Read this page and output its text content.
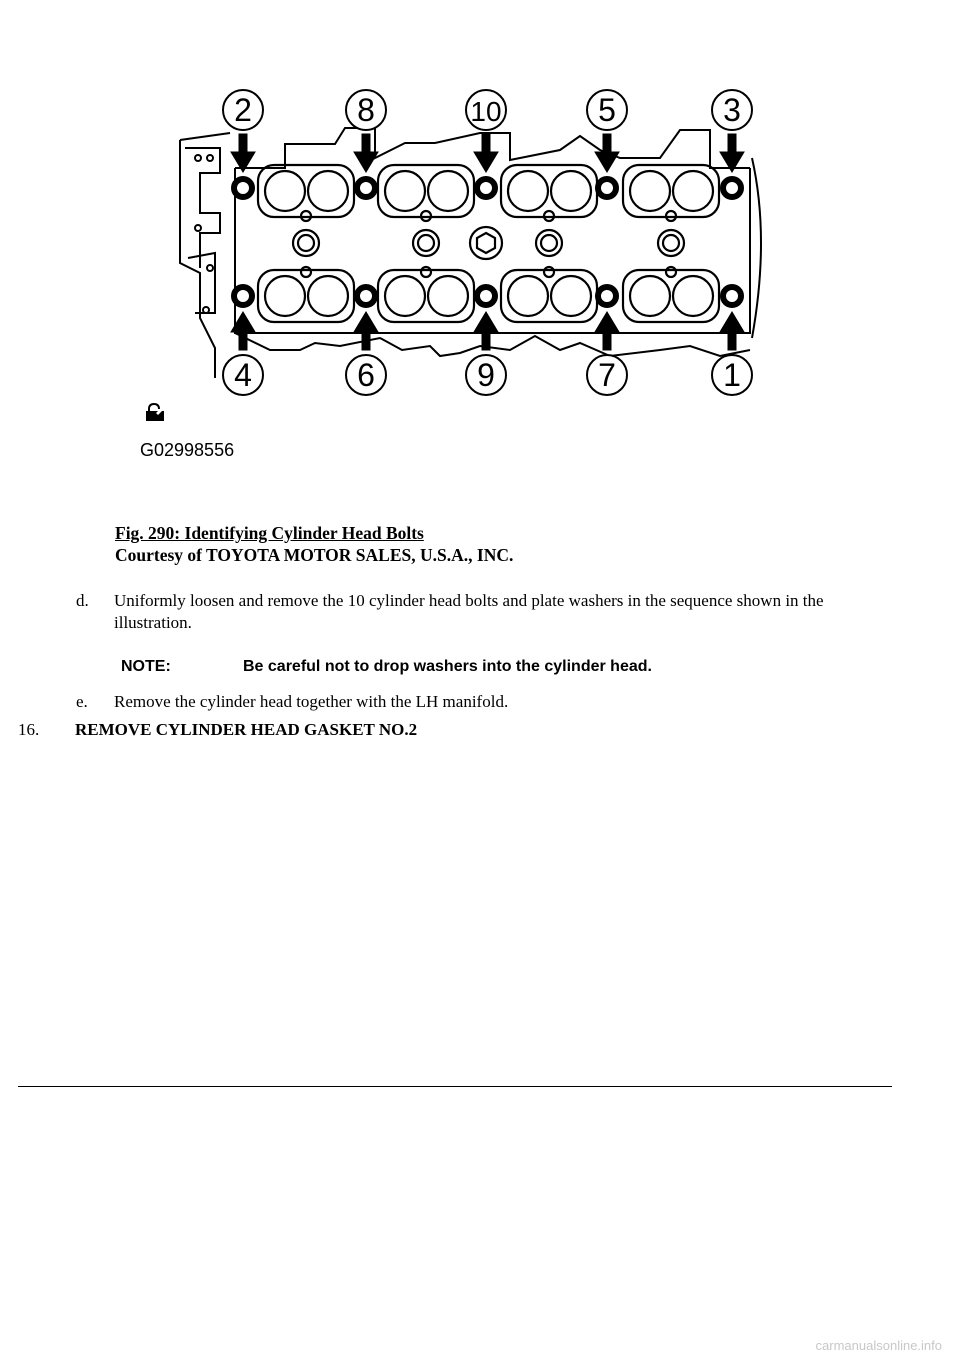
2
4
8
6
10
9
5
7
3
1
G02998556
Fig. 290: Identifying Cylinder Head Bolts
Courtesy of TOYOTA MOTOR SALES, U.S.A., INC.
d. Uniformly loosen and remove the 10 cylinder head bolts and plate washers in the sequence shown in the illustration.
NOTE:	Be careful not to drop washers into the cylinder head.
e. Remove the cylinder head together with the LH manifold.
16. REMOVE CYLINDER HEAD GASKET NO.2
carmanualsonline.info
